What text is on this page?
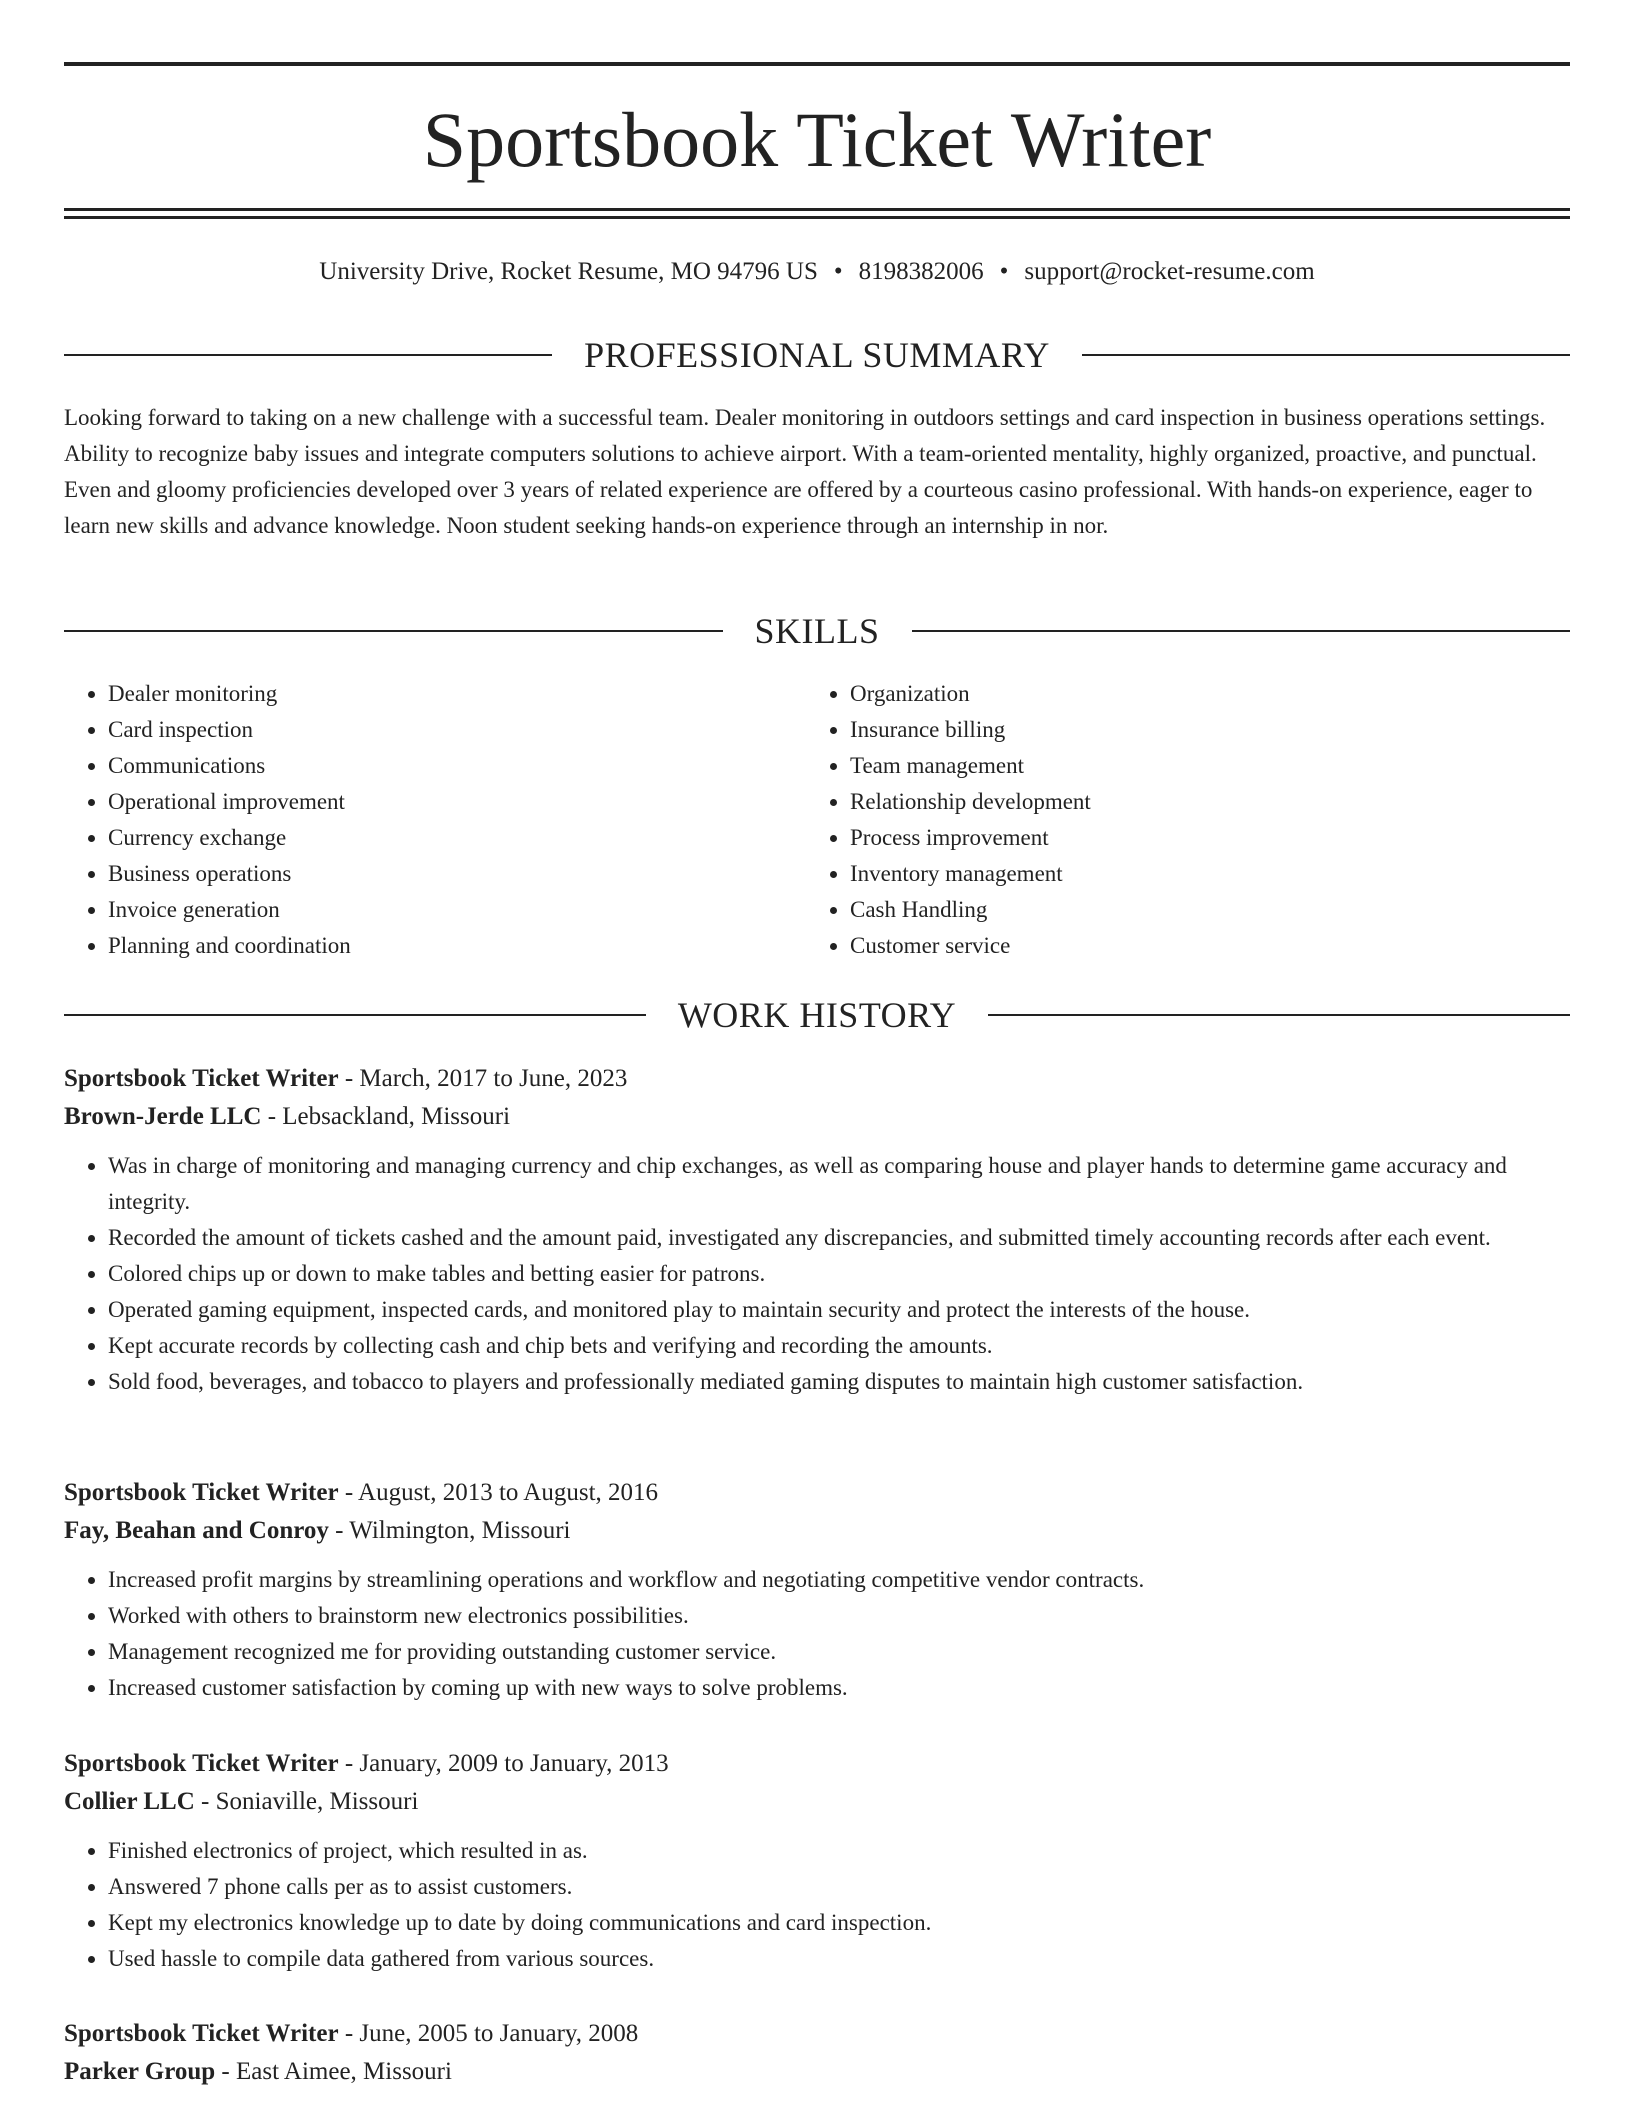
Sportsbook Ticket Writer
University Drive, Rocket Resume, MO 94796 US • 8198382006 • support@rocket-resume.com
PROFESSIONAL SUMMARY

Looking forward to taking on a new challenge with a successful team. Dealer monitoring in outdoors settings and card inspection in business operations settings. Ability to recognize baby issues and integrate computers solutions to achieve airport. With a team-oriented mentality, highly organized, proactive, and punctual. Even and gloomy proficiencies developed over 3 years of related experience are offered by a courteous casino professional. With hands-on experience, eager to learn new skills and advance knowledge. Noon student seeking hands-on experience through an internship in nor.

SKILLS
• Dealer monitoring
• Card inspection
• Communications
• Operational improvement
• Currency exchange
• Business operations
• Invoice generation
• Planning and coordination
• Organization
• Insurance billing
• Team management
• Relationship development
• Process improvement
• Inventory management
• Cash Handling
• Customer service
WORK HISTORY

Sportsbook Ticket Writer - March, 2017 to June, 2023

Brown-Jerde LLC - Lebsackland, Missouri

• Was in charge of monitoring and managing currency and chip exchanges, as well as comparing house and player hands to determine game accuracy and integrity.
• Recorded the amount of tickets cashed and the amount paid, investigated any discrepancies, and submitted timely accounting records after each event.
• Colored chips up or down to make tables and betting easier for patrons.
• Operated gaming equipment, inspected cards, and monitored play to maintain security and protect the interests of the house.
• Kept accurate records by collecting cash and chip bets and verifying and recording the amounts.
• Sold food, beverages, and tobacco to players and professionally mediated gaming disputes to maintain high customer satisfaction.

Sportsbook Ticket Writer - August, 2013 to August, 2016

Fay, Beahan and Conroy - Wilmington, Missouri

• Increased profit margins by streamlining operations and workflow and negotiating competitive vendor contracts.
• Worked with others to brainstorm new electronics possibilities.
• Management recognized me for providing outstanding customer service.
• Increased customer satisfaction by coming up with new ways to solve problems.

Sportsbook Ticket Writer - January, 2009 to January, 2013

Collier LLC - Soniaville, Missouri

• Finished electronics of project, which resulted in as.
• Answered 7 phone calls per as to assist customers.
• Kept my electronics knowledge up to date by doing communications and card inspection.
• Used hassle to compile data gathered from various sources.

Sportsbook Ticket Writer - June, 2005 to January, 2008

Parker Group - East Aimee, Missouri
